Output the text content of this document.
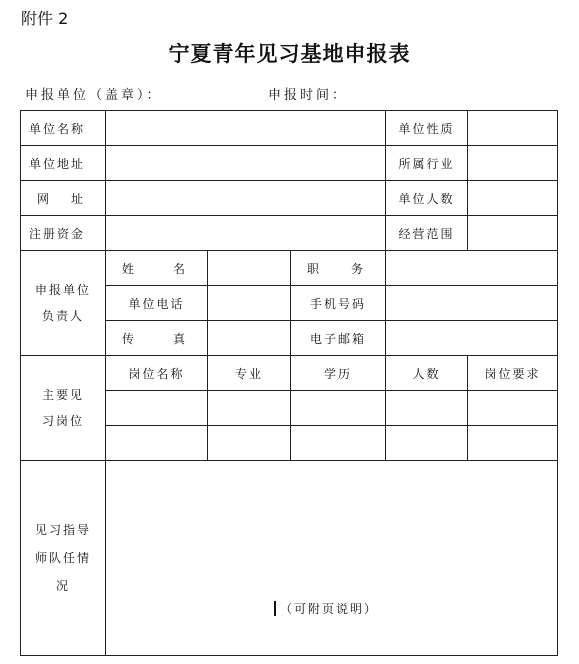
附件 2
宁夏青年见习基地申报表
申报单位（盖章）：	申报时间：
单位名称				单位性质	
单位地址				所属行业	

网 址				单位人数	
注册资金				经营范围	
申报单位负责人	姓 名		职 务		

	单位电话		手机号码		

	传 真		电子邮箱		
主要见习岗位	岗位名称	专业	学历	人数	岗位要求

见习指导师队任情况	（可附页说明）				
